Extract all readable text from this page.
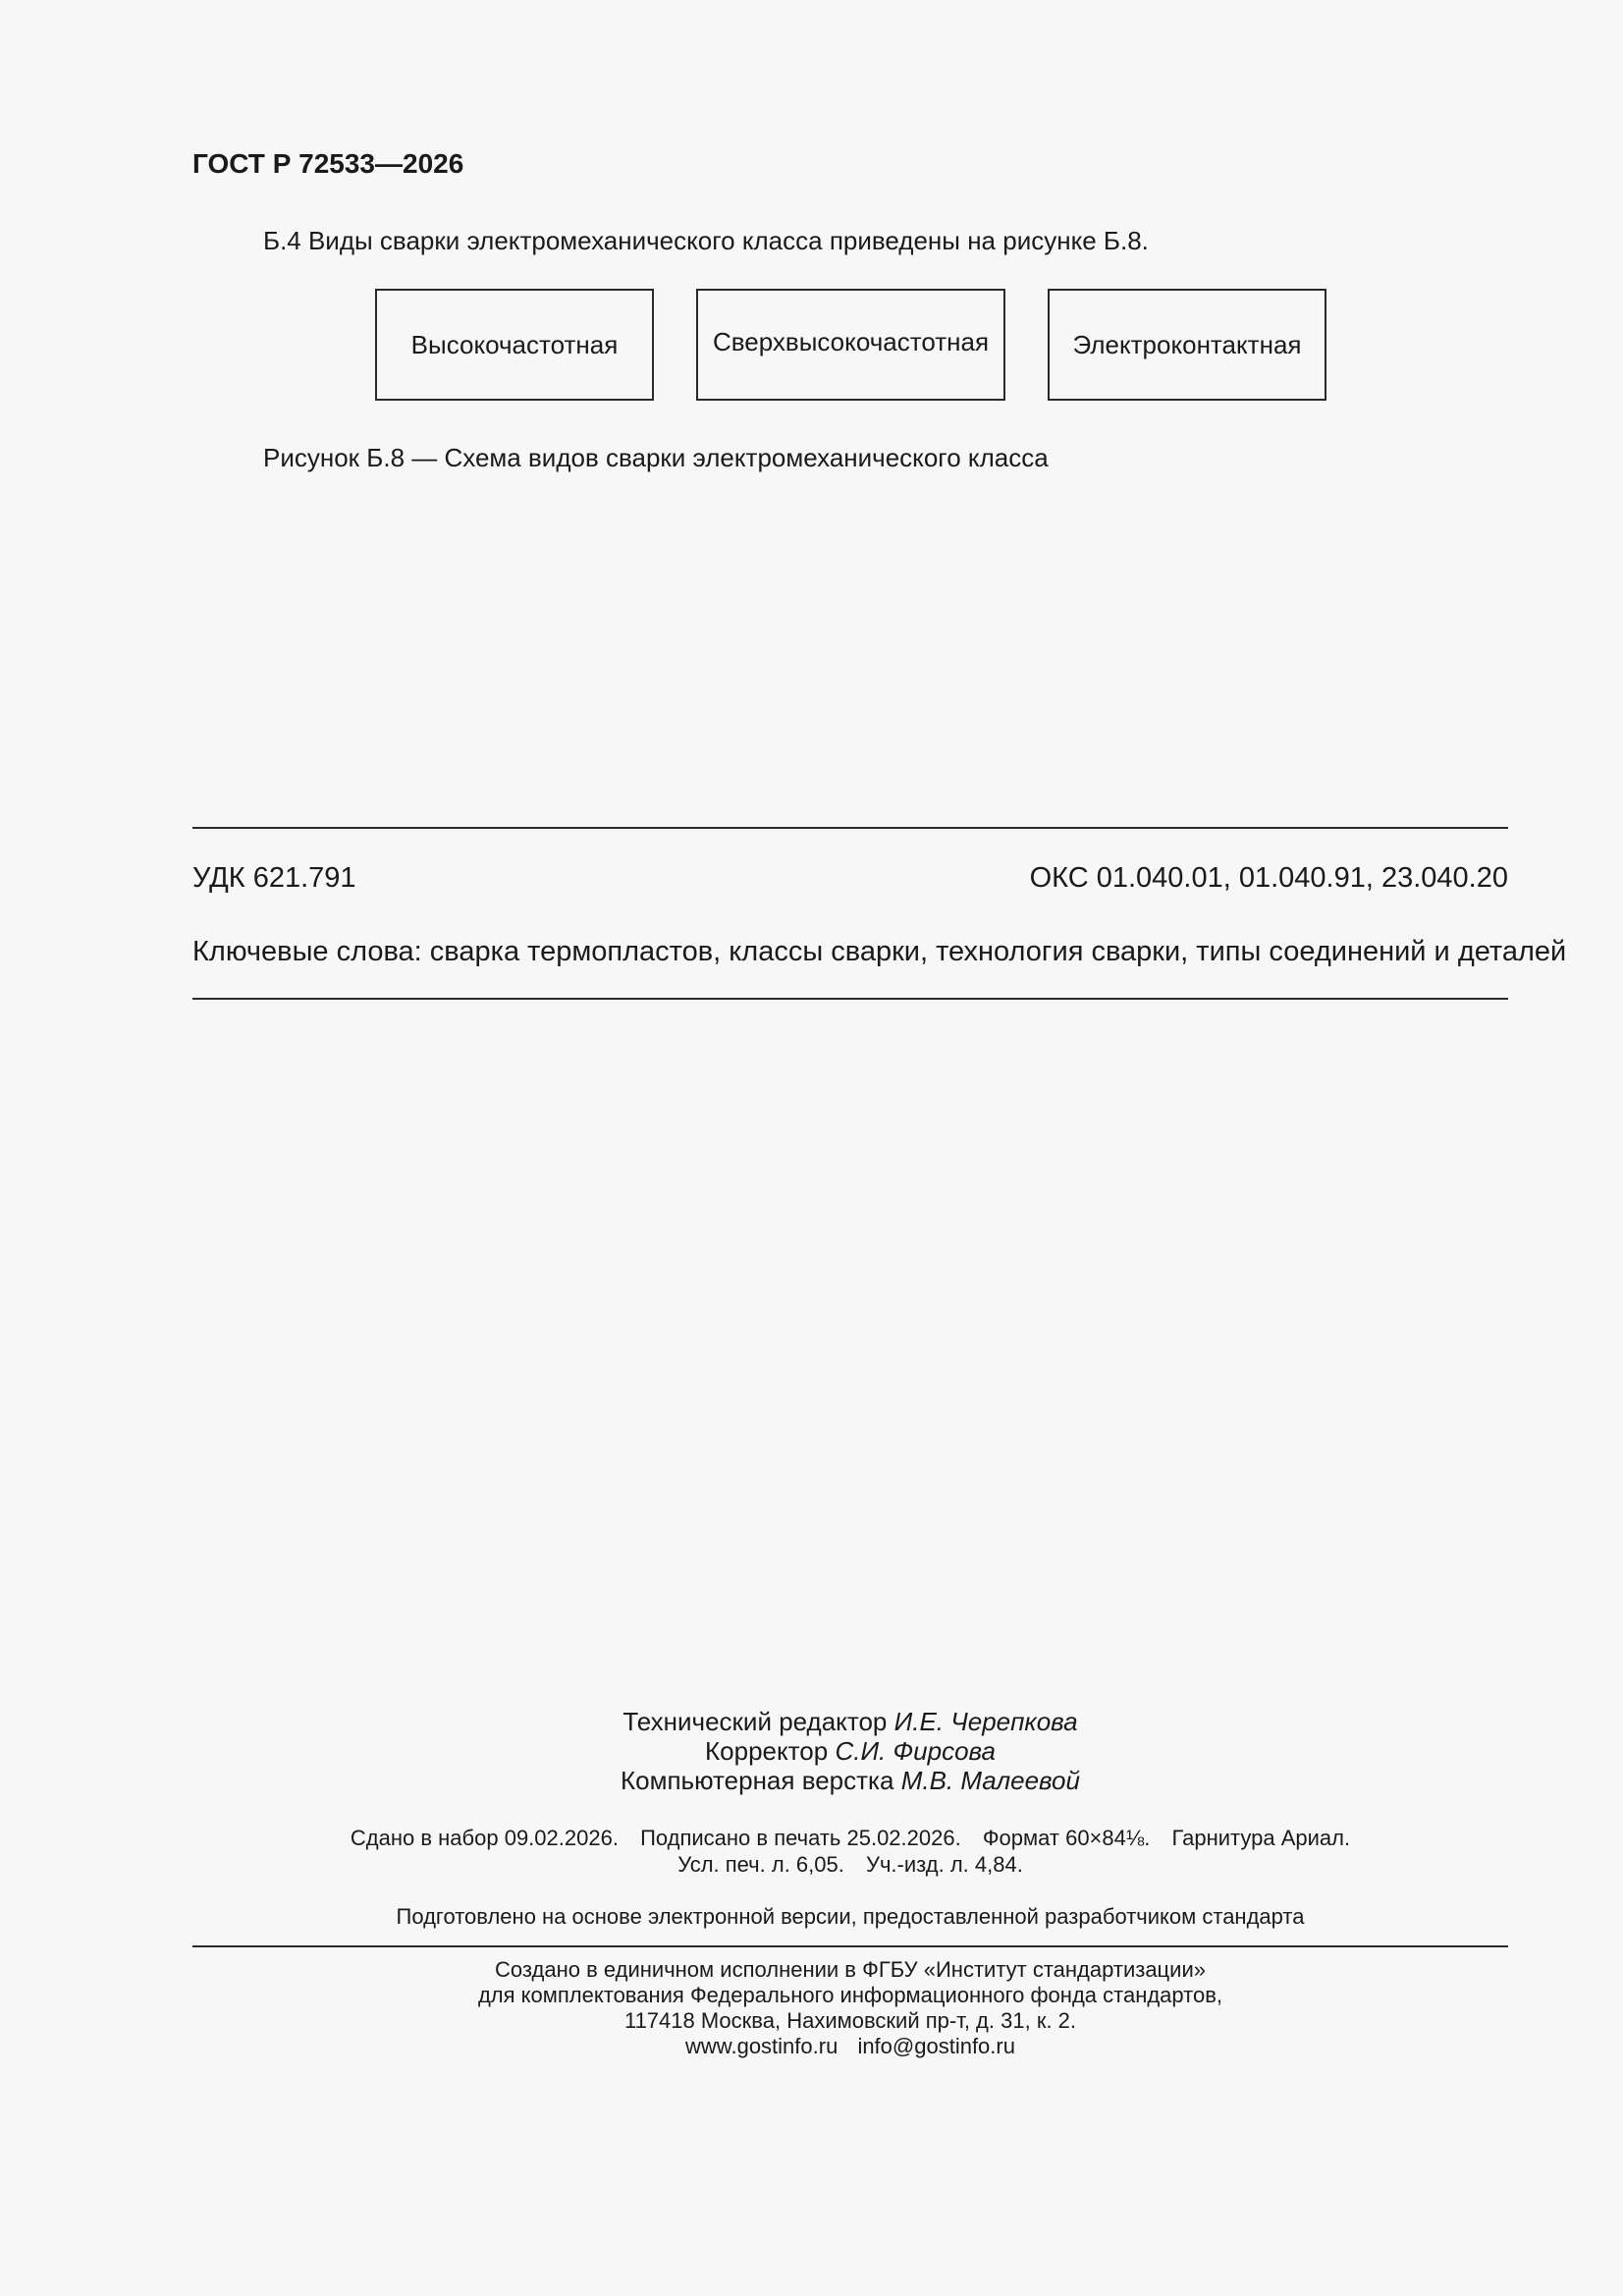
ГОСТ Р 72533—2026
Б.4 Виды сварки электромеханического класса приведены на рисунке Б.8.
Высокочастотная	Сверхвысокочастотная	Электроконтактная
Рисунок Б.8 — Схема видов сварки электромеханического класса
УДК 621.791	ОКС 01.040.01, 01.040.91, 23.040.20
Ключевые слова: сварка термопластов, классы сварки, технология сварки, типы соединений и деталей
Технический редактор И.Е. Черепкова
Корректор С.И. Фирсова
Компьютерная верстка М.В. Малеевой
Сдано в набор 09.02.2026. Подписано в печать 25.02.2026. Формат 60×84⅛. Гарнитура Ариал.
Усл. печ. л. 6,05. Уч.-изд. л. 4,84.
Подготовлено на основе электронной версии, предоставленной разработчиком стандарта
Создано в единичном исполнении в ФГБУ «Институт стандартизации»
для комплектования Федерального информационного фонда стандартов,
117418 Москва, Нахимовский пр-т, д. 31, к. 2.
www.gostinfo.ru info@gostinfo.ru
